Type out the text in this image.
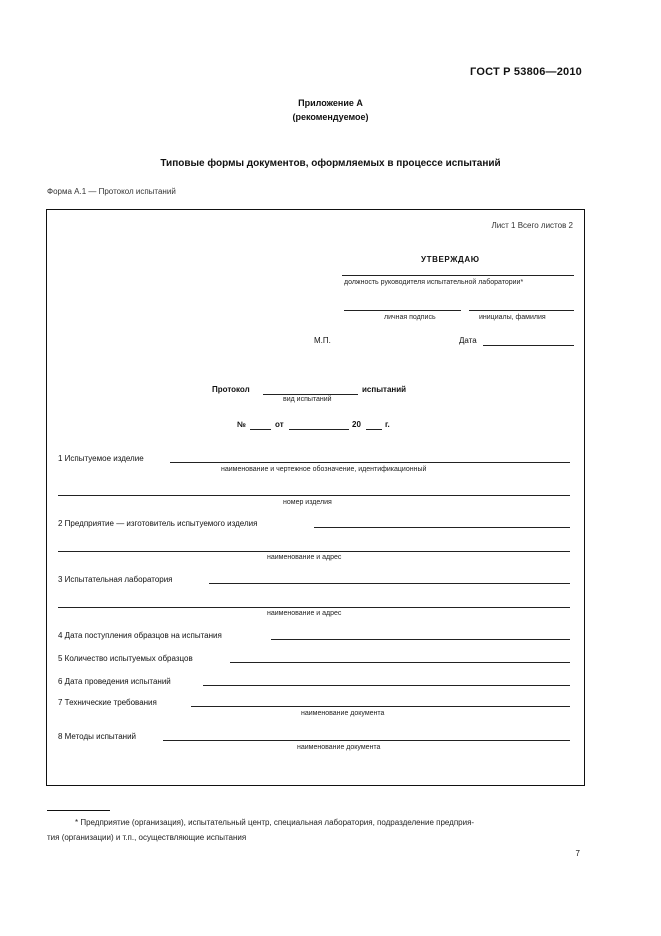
ГОСТ Р 53806—2010
Приложение А
(рекомендуемое)
Типовые формы документов, оформляемых в процессе испытаний
Форма А.1 — Протокол испытаний
Лист 1 Всего листов 2
УТВЕРЖДАЮ
должность руководителя испытательной лаборатории*
личная подпись	инициалы, фамилия
М.П.	Дата
Протокол	испытаний
вид испытаний
№	от	20	г.
1 Испытуемое изделие
наименование и чертежное обозначение, идентификационный
номер изделия
2 Предприятие — изготовитель испытуемого изделия
наименование и адрес
3 Испытательная лаборатория
наименование и адрес
4 Дата поступления образцов на испытания
5 Количество испытуемых образцов
6 Дата проведения испытаний
7 Технические требования
наименование документа
8 Методы испытаний
наименование документа
* Предприятие (организация), испытательный центр, специальная лаборатория, подразделение предприя-
тия (организации) и т.п., осуществляющие испытания
7
